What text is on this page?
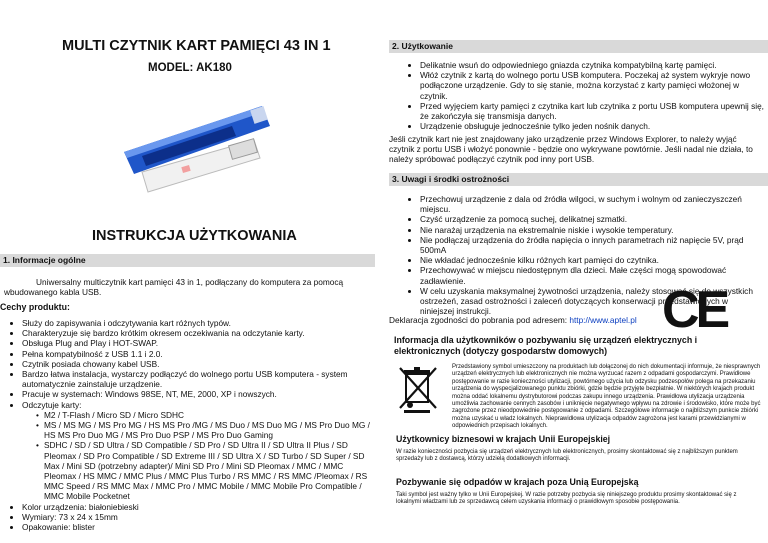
MULTI CZYTNIK KART PAMIĘCI 43 IN 1
MODEL: AK180
INSTRUKCJA UŻYTKOWANIA
1. Informacje ogólne
Uniwersalny multiczytnik kart pamięci 43 in 1, podłączany do komputera za pomocą wbudowanego kabla USB.
Cechy produktu:
• Służy do zapisywania i odczytywania kart różnych typów.
• Charakteryzuje się bardzo krótkim okresem oczekiwania na odczytanie karty.
• Obsługa Plug and Play i HOT-SWAP.
• Pełna kompatybilność z USB 1.1 i 2.0.
• Czytnik posiada chowany kabel USB.
• Bardzo łatwa instalacja, wystarczy podłączyć do wolnego portu USB komputera - system automatycznie zainstaluje urządzenie.
• Pracuje w systemach: Windows 98SE, NT, ME, 2000, XP i nowszych.
• Odczytuje karty:
• M2 / T-Flash / Micro SD / Micro SDHC
• MS / MS MG / MS Pro MG / HS MS Pro /MG / MS Duo / MS Duo MG / MS Pro Duo MG / HS MS Pro Duo MG / MS Pro Duo PSP / MS Pro Duo Gaming
• SDHC / SD / SD Ultra / SD Compatible / SD Pro / SD Ultra II / SD Ultra II Plus / SD Pleomax / SD Pro Compatible / SD Extreme III / SD Ultra X / SD Turbo / SD Super / SD Max / Mini SD (potrzebny adapter)/ Mini SD Pro / Mini SD Pleomax / MMC / MMC Pleomax / HS MMC / MMC Plus / MMC Plus Turbo / RS MMC / RS MMC /Pleomax / RS MMC Speed / RS MMC Max / MMC Pro / MMC Mobile / MMC Mobile Pro Compatible / MMC Mobile Pocketnet
• Kolor urządzenia: białoniebieski
• Wymiary: 73 x 24 x 15mm
• Opakowanie: blister
2. Użytkowanie
• Delikatnie wsuń do odpowiedniego gniazda czytnika kompatybilną kartę pamięci.
• Włóż czytnik z kartą do wolnego portu USB komputera. Poczekaj aż system wykryje nowo podłączone urządzenie. Gdy to się stanie, można korzystać z karty pamięci włożonej w czytnik.
• Przed wyjęciem karty pamięci z czytnika kart lub czytnika z portu USB komputera upewnij się, że zakończyła się transmisja danych.
• Urządzenie obsługuje jednocześnie tylko jeden nośnik danych.
Jeśli czytnik kart nie jest znajdowany jako urządzenie przez Windows Explorer, to należy wyjąć czytnik z portu USB i włożyć ponownie - będzie ono wykrywane powtórnie. Jeśli nadal nie działa, to należy spróbować podłączyć czytnik pod inny port USB.
3. Uwagi i środki ostrożności
• Przechowuj urządzenie z dala od źródła wilgoci, w suchym i wolnym od zanieczyszczeń miejscu.
• Czyść urządzenie za pomocą suchej, delikatnej szmatki.
• Nie narażaj urządzenia na ekstremalnie niskie i wysokie temperatury.
• Nie podłączaj urządzenia do źródła napięcia o innych parametrach niż napięcie 5V, prąd 500mA
• Nie wkładać jednocześnie kilku różnych kart pamięci do czytnika.
• Przechowywać w miejscu niedostępnym dla dzieci. Małe części mogą spowodować zadławienie.
• W celu uzyskania maksymalnej żywotności urządzenia, należy stosować się do wszystkich ostrzeżeń, zasad ostrożności i zaleceń dotyczących konserwacji przedstawionych w niniejszej instrukcji.	CE
Deklaracja zgodności do pobrania pod adresem: http://www.aptel.pl
Informacja dla użytkowników o pozbywaniu się urządzeń elektrycznych i elektronicznych (dotyczy gospodarstw domowych)
Przedstawiony symbol umieszczony na produktach lub dołączonej do nich dokumentacji informuje, że niesprawnych urządzeń elektrycznych lub elektronicznych nie można wyrzucać razem z odpadami gospodarczymi. Prawidłowe postępowanie w razie konieczności utylizacji, powtórnego użycia lub odzysku podzespołów polega na przekazaniu urządzenia do wyspecjalizowanego punktu zbiórki, gdzie będzie przyjęte bezpłatnie. W niektórych krajach produkt można oddać lokalnemu dystrybutorowi podczas zakupu innego urządzenia. Prawidłowa utylizacja urządzenia umożliwia zachowanie cennych zasobów i uniknięcie negatywnego wpływu na zdrowie i środowisko, które może być zagrożone przez nieodpowiednie postępowanie z odpadami. Szczegółowe informacje o najbliższym punkcie zbiórki można uzyskać u władz lokalnych. Nieprawidłowa utylizacja odpadów zagrożona jest karami przewidzianymi w odpowiednich przepisach lokalnych.
Użytkownicy biznesowi w krajach Unii Europejskiej
W razie konieczności pozbycia się urządzeń elektrycznych lub elektronicznych, prosimy skontaktować się z najbliższym punktem sprzedaży lub z dostawcą, którzy udzielą dodatkowych informacji.
Pozbywanie się odpadów w krajach poza Unią Europejską
Taki symbol jest ważny tylko w Unii Europejskej. W razie potrzeby pozbycia się niniejszego produktu prosimy skontaktować się z lokalnymi władzami lub ze sprzedawcą celem uzyskania informacji o prawidłowym sposobie postępowania.
